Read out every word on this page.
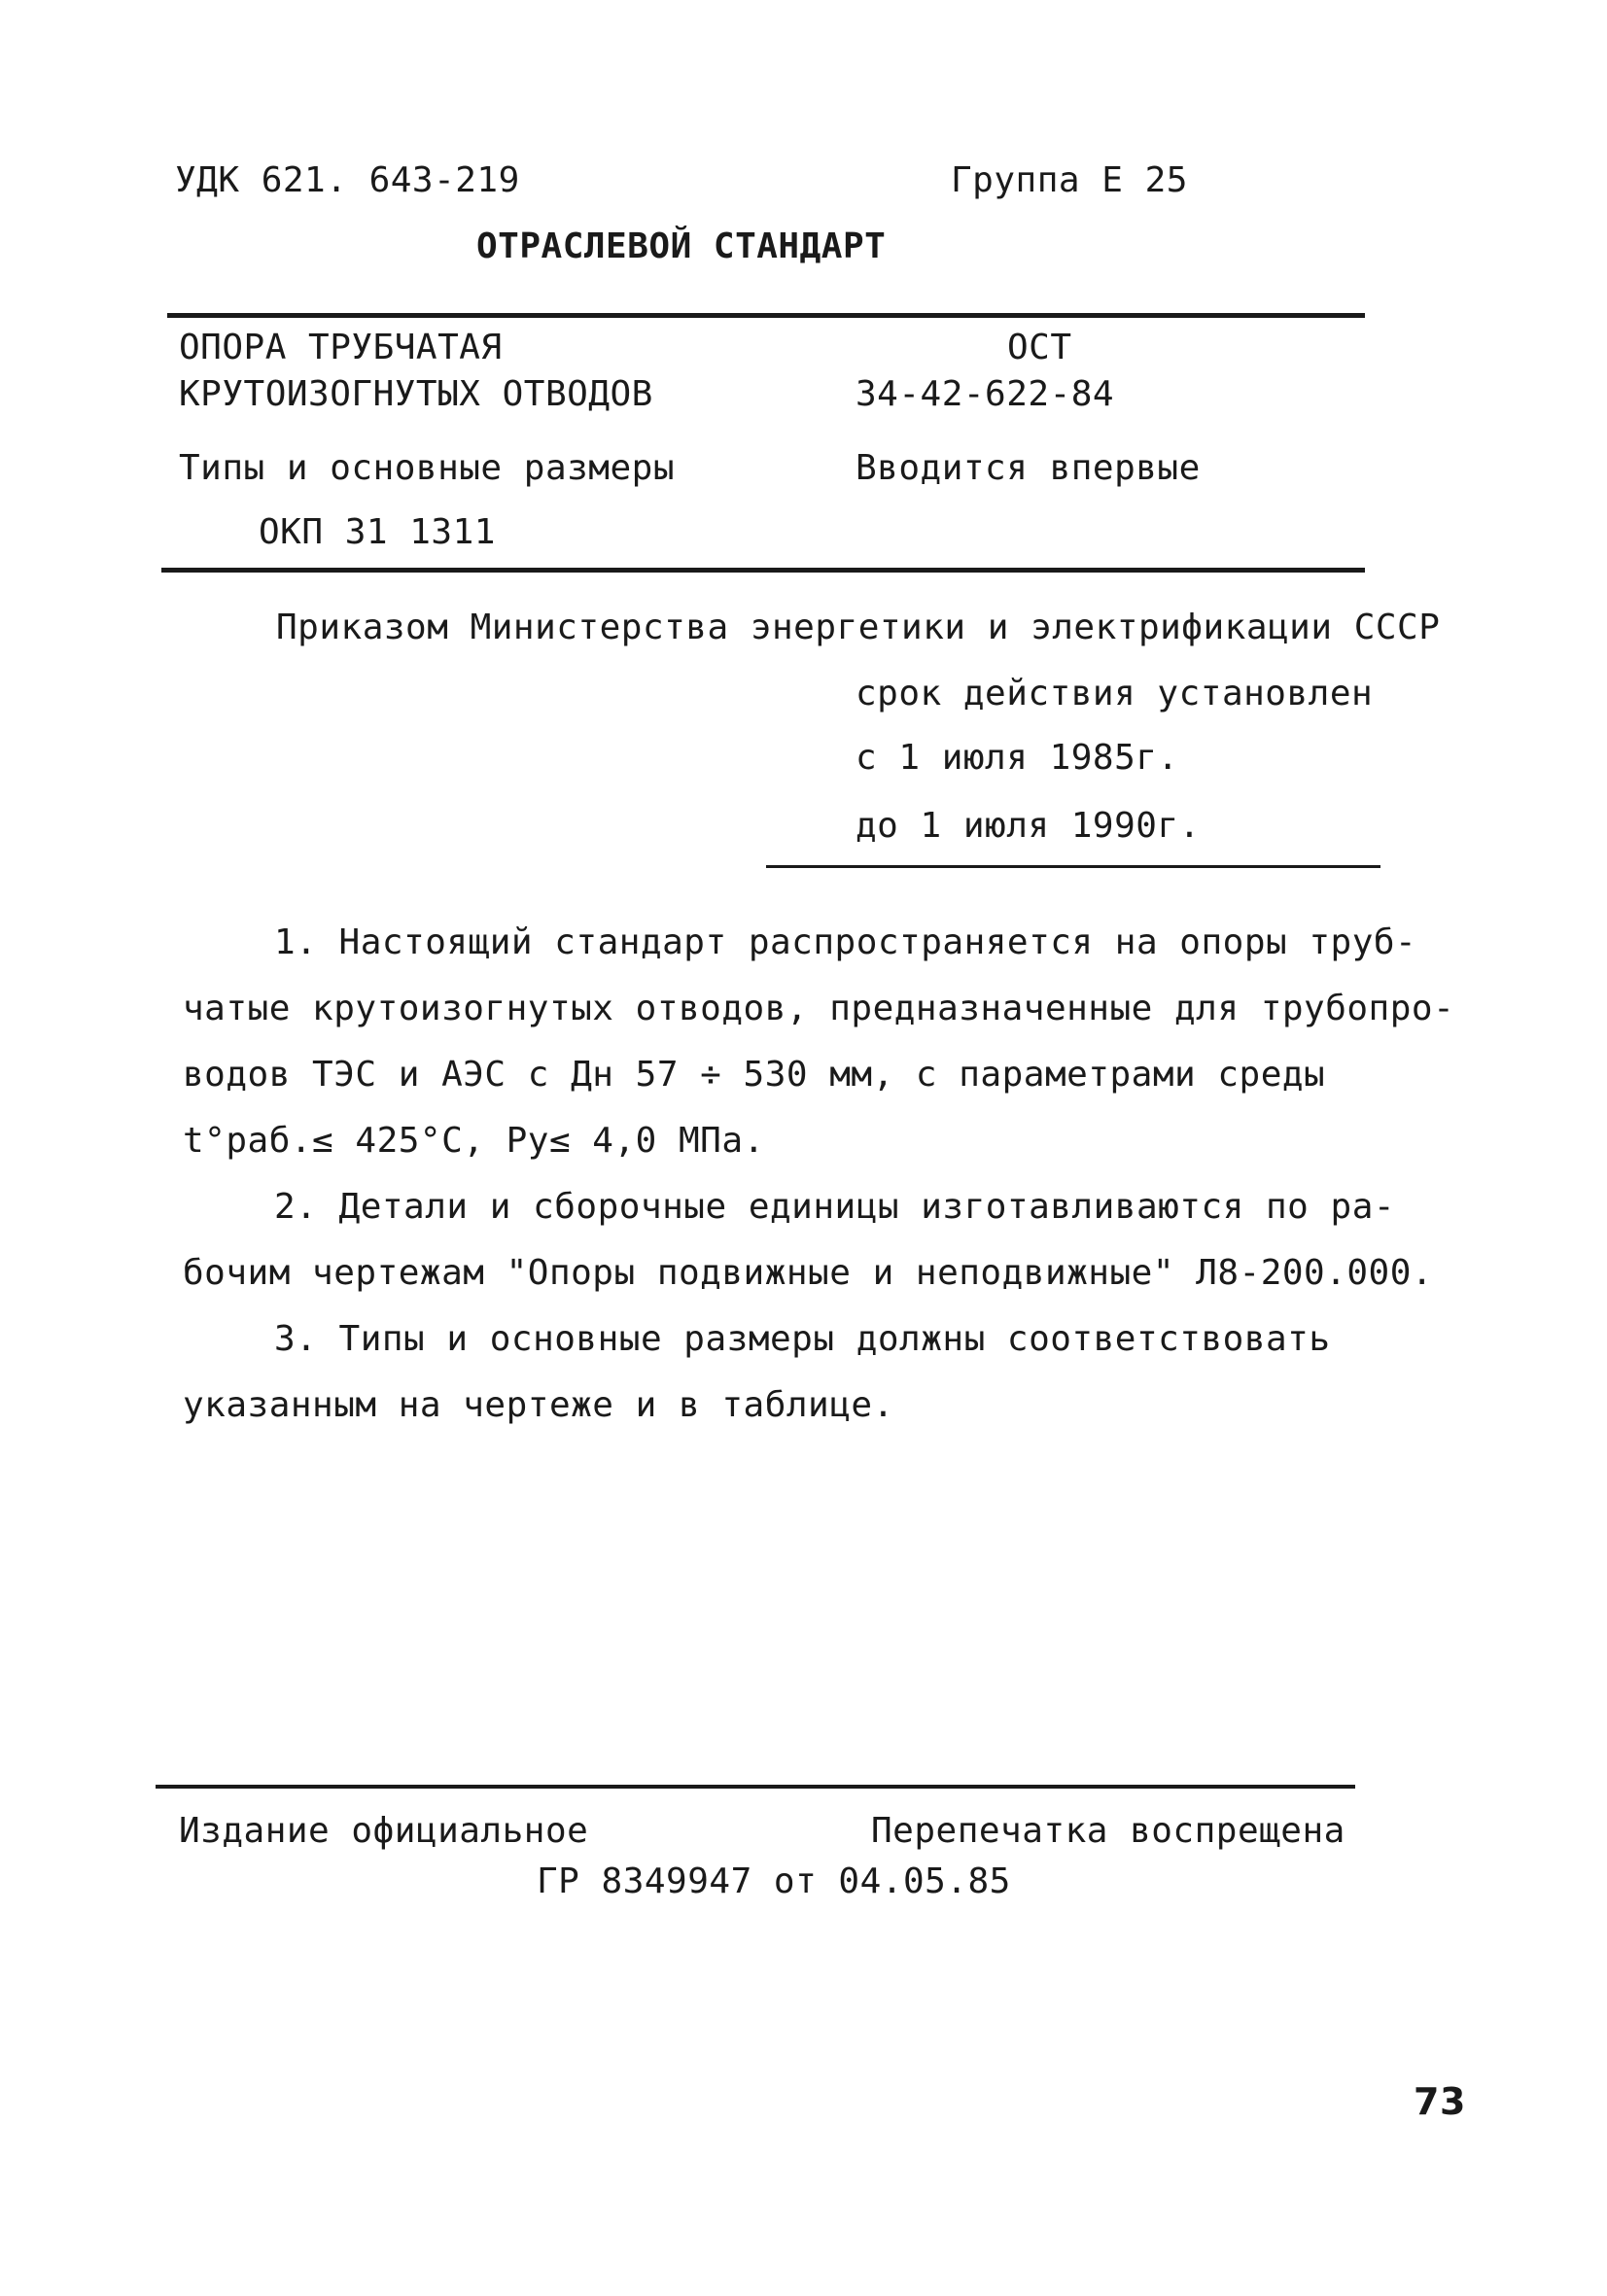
УДК 621. 643-219	Группа Е 25
ОТРАСЛЕВОЙ СТАНДАРТ
ОПОРА ТРУБЧАТАЯ
КРУТОИЗОГНУТЫХ ОТВОДОВ
Типы и основные размеры
ОКП 31 1311
ОСТ
34-42-622-84
Вводится впервые
Приказом Министерства энергетики и электрификации СССР
срок действия установлен
с 1 июля 1985г.
до 1 июля 1990г.
1. Настоящий стандарт распространяется на опоры труб-
чатые крутоизогнутых отводов, предназначенные для трубопро-
водов ТЭС и АЭС с Дн 57 ÷ 530 мм, с параметрами среды
t°раб.≤ 425°С, Ру≤ 4,0 МПа.
2. Детали и сборочные единицы изготавливаются по ра-
бочим чертежам "Опоры подвижные и неподвижные" Л8-200.000.
3. Типы и основные размеры должны соответствовать
указанным на чертеже и в таблице.
Издание официальное	Перепечатка воспрещена
ГР 8349947 от 04.05.85
73
